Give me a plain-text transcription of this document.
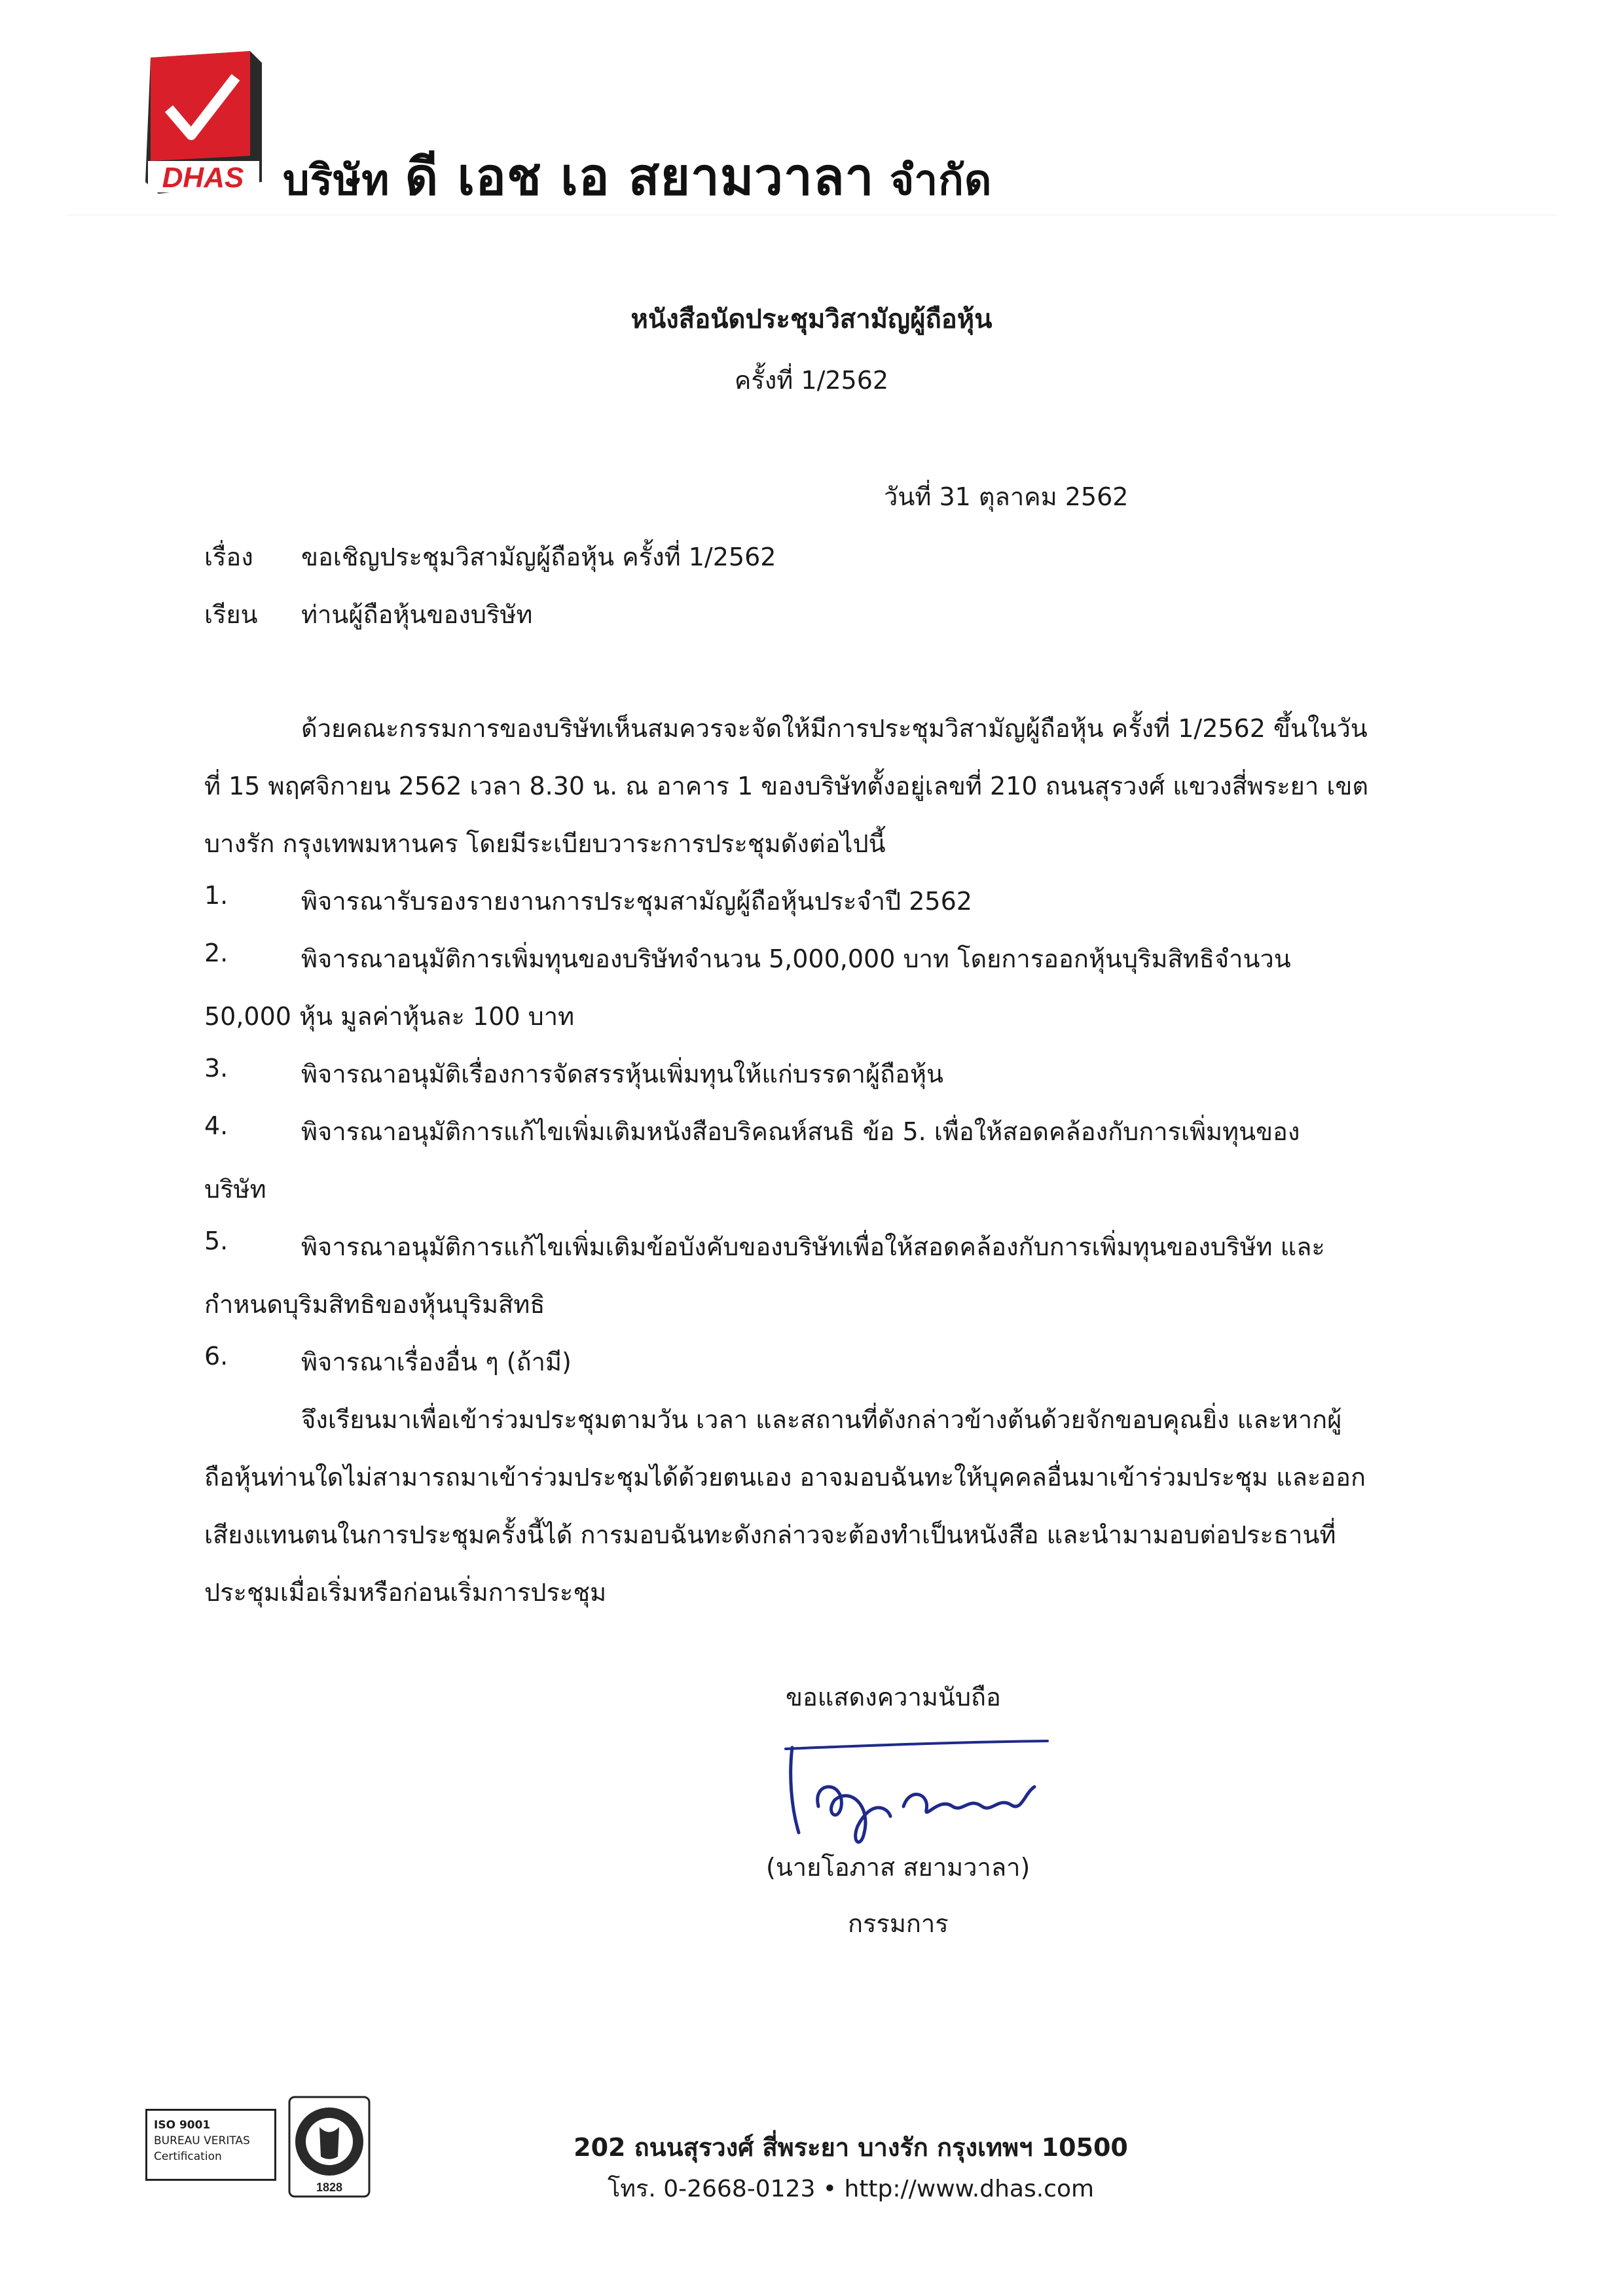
DHAS บริษัท ดี เอช เอ สยามวาลา จำกัด
หนังสือนัดประชุมวิสามัญผู้ถือหุ้น
ครั้งที่ 1/2562
วันที่ 31 ตุลาคม 2562
เรื่อง ขอเชิญประชุมวิสามัญผู้ถือหุ้น ครั้งที่ 1/2562
เรียน ท่านผู้ถือหุ้นของบริษัท
ด้วยคณะกรรมการของบริษัทเห็นสมควรจะจัดให้มีการประชุมวิสามัญผู้ถือหุ้น ครั้งที่ 1/2562 ขึ้นในวัน
ที่ 15 พฤศจิกายน 2562 เวลา 8.30 น. ณ อาคาร 1 ของบริษัทตั้งอยู่เลขที่ 210 ถนนสุรวงศ์ แขวงสี่พระยา เขต
บางรัก กรุงเทพมหานคร โดยมีระเบียบวาระการประชุมดังต่อไปนี้
1.	พิจารณารับรองรายงานการประชุมสามัญผู้ถือหุ้นประจำปี 2562
2.	พิจารณาอนุมัติการเพิ่มทุนของบริษัทจำนวน 5,000,000 บาท โดยการออกหุ้นบุริมสิทธิจำนวน
50,000 หุ้น มูลค่าหุ้นละ 100 บาท
3.	พิจารณาอนุมัติเรื่องการจัดสรรหุ้นเพิ่มทุนให้แก่บรรดาผู้ถือหุ้น
4.	พิจารณาอนุมัติการแก้ไขเพิ่มเติมหนังสือบริคณห์สนธิ ข้อ 5. เพื่อให้สอดคล้องกับการเพิ่มทุนของ
บริษัท
5.	พิจารณาอนุมัติการแก้ไขเพิ่มเติมข้อบังคับของบริษัทเพื่อให้สอดคล้องกับการเพิ่มทุนของบริษัท และ
กำหนดบุริมสิทธิของหุ้นบุริมสิทธิ
6.	พิจารณาเรื่องอื่น ๆ (ถ้ามี)
จึงเรียนมาเพื่อเข้าร่วมประชุมตามวัน เวลา และสถานที่ดังกล่าวข้างต้นด้วยจักขอบคุณยิ่ง และหากผู้
ถือหุ้นท่านใดไม่สามารถมาเข้าร่วมประชุมได้ด้วยตนเอง อาจมอบฉันทะให้บุคคลอื่นมาเข้าร่วมประชุม และออก
เสียงแทนตนในการประชุมครั้งนี้ได้ การมอบฉันทะดังกล่าวจะต้องทำเป็นหนังสือ และนำมามอบต่อประธานที่
ประชุมเมื่อเริ่มหรือก่อนเริ่มการประชุม
ขอแสดงความนับถือ
(นายโอภาส สยามวาลา)
กรรมการ
ISO 9001
BUREAU VERITAS
Certification
1828
202 ถนนสุรวงศ์ สี่พระยา บางรัก กรุงเทพฯ 10500
โทร. 0-2668-0123 • http://www.dhas.com
